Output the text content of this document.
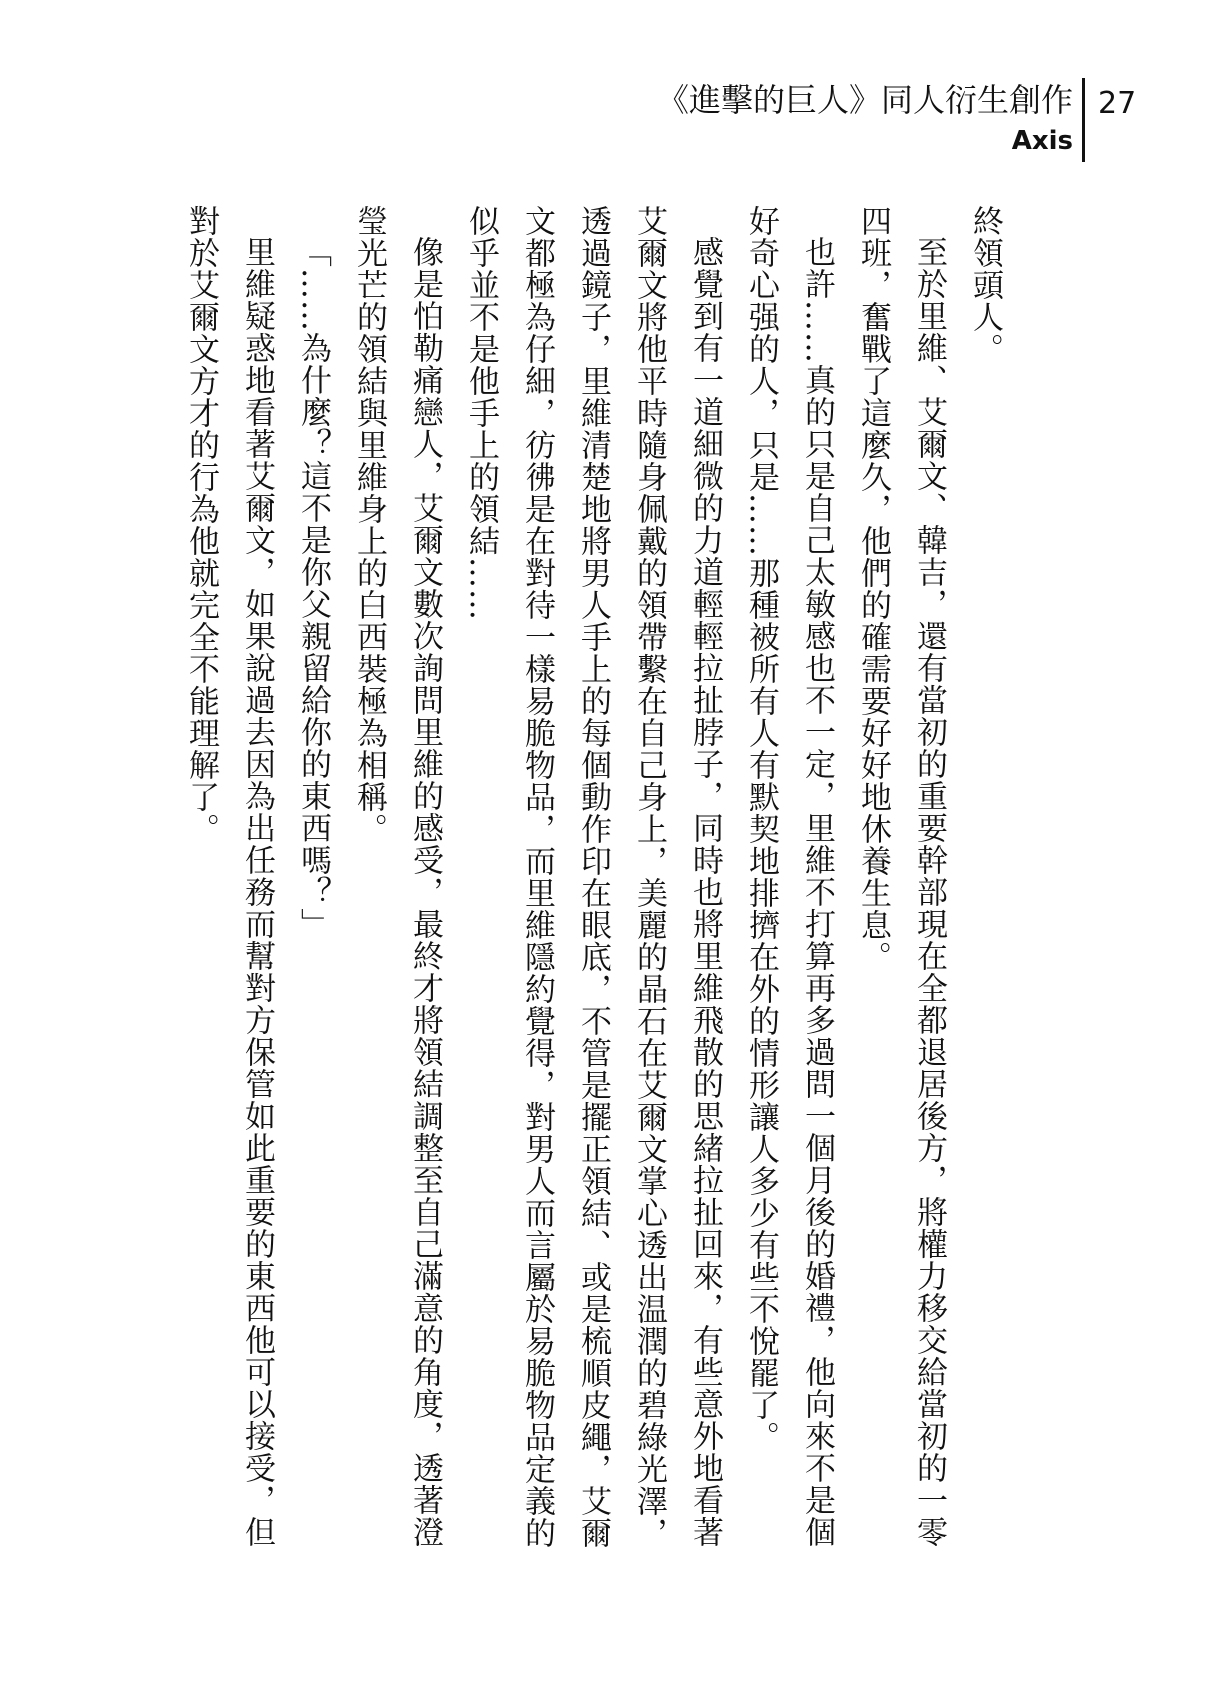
《進擊的巨人》同人衍生創作
Axis
27

終領頭人。

至於里維、艾爾文、韓吉，還有當初的重要幹部現在全都退居後方，將權力移交給當初的一零四班，奮戰了這麼久，他們的確需要好好地休養生息。

也許……真的只是自己太敏感也不一定，里維不打算再多過問一個月後的婚禮，他向來不是個好奇心强的人，只是……那種被所有人有默契地排擠在外的情形讓人多少有些不悅罷了。

感覺到有一道細微的力道輕輕拉扯脖子，同時也將里維飛散的思緒拉扯回來，有些意外地看著艾爾文將他平時隨身佩戴的領帶繫在自己身上，美麗的晶石在艾爾文掌心透出温潤的碧綠光澤，透過鏡子，里維清楚地將男人手上的每個動作印在眼底，不管是擺正領結、或是梳順皮繩，艾爾文都極為仔細，彷彿是在對待一樣易脆物品，而里維隱約覺得，對男人而言屬於易脆物品定義的似乎並不是他手上的領結……

像是怕勒痛戀人，艾爾文數次詢問里維的感受，最終才將領結調整至自己滿意的角度，透著澄瑩光芒的領結與里維身上的白西裝極為相稱。

「……為什麼？這不是你父親留給你的東西嗎？」

里維疑惑地看著艾爾文，如果說過去因為出任務而幫對方保管如此重要的東西他可以接受，但對於艾爾文方才的行為他就完全不能理解了。
